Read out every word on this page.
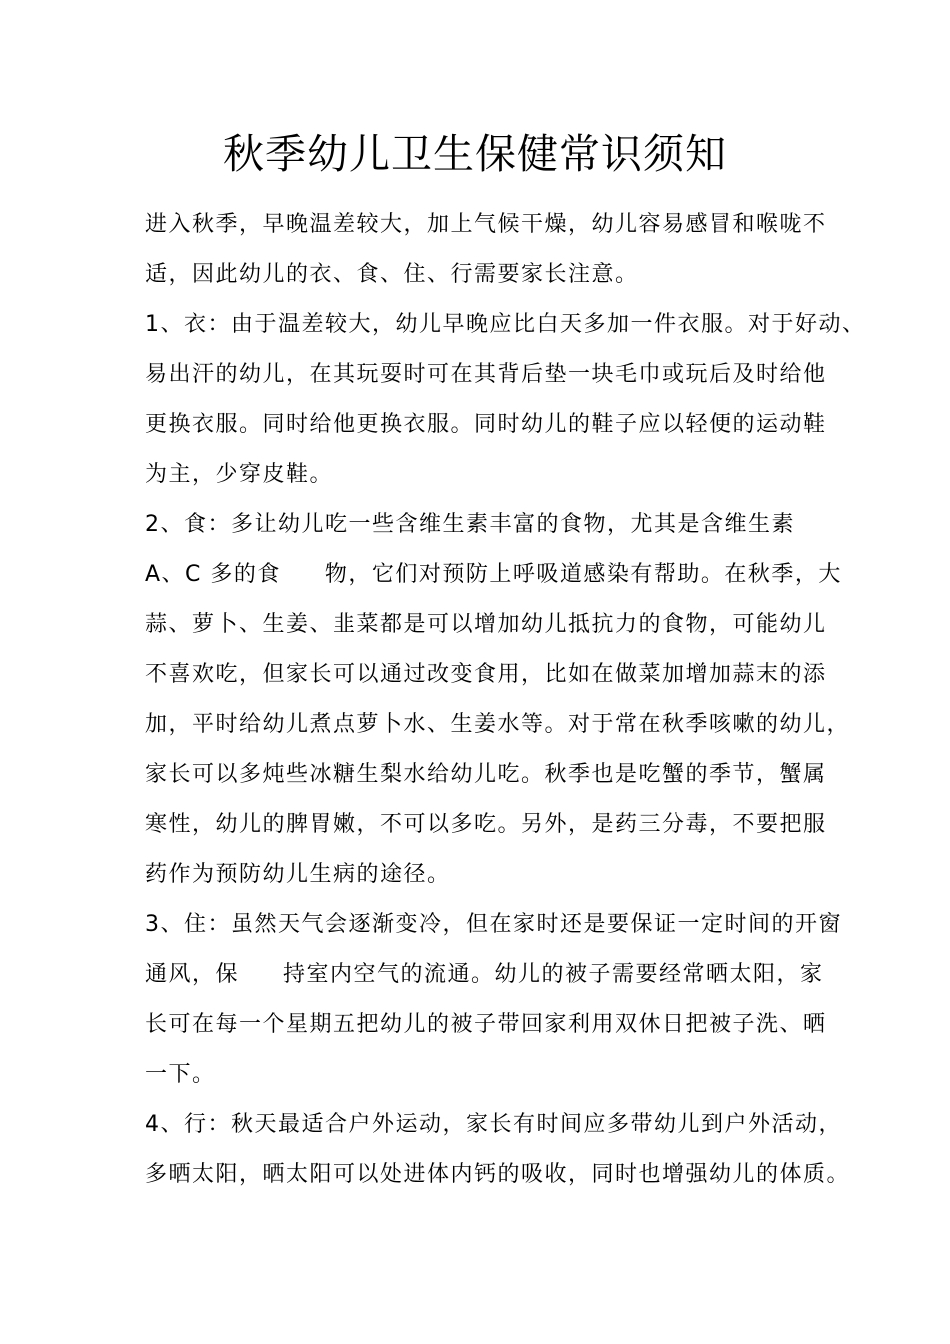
秋季幼儿卫生保健常识须知
进入秋季，早晚温差较大，加上气候干燥，幼儿容易感冒和喉咙不
适，因此幼儿的衣、食、住、行需要家长注意。
1、衣：由于温差较大，幼儿早晚应比白天多加一件衣服。对于好动、
易出汗的幼儿，在其玩耍时可在其背后垫一块毛巾或玩后及时给他
更换衣服。同时给他更换衣服。同时幼儿的鞋子应以轻便的运动鞋
为主，少穿皮鞋。
2、食：多让幼儿吃一些含维生素丰富的食物，尤其是含维生素
A、C 多的食 物，它们对预防上呼吸道感染有帮助。在秋季，大
蒜、萝卜、生姜、韭菜都是可以增加幼儿抵抗力的食物，可能幼儿
不喜欢吃，但家长可以通过改变食用，比如在做菜加增加蒜末的添
加，平时给幼儿煮点萝卜水、生姜水等。对于常在秋季咳嗽的幼儿，
家长可以多炖些冰糖生梨水给幼儿吃。秋季也是吃蟹的季节，蟹属
寒性，幼儿的脾胃嫩，不可以多吃。另外，是药三分毒，不要把服
药作为预防幼儿生病的途径。
3、住：虽然天气会逐渐变冷，但在家时还是要保证一定时间的开窗
通风，保 持室内空气的流通。幼儿的被子需要经常晒太阳，家
长可在每一个星期五把幼儿的被子带回家利用双休日把被子洗、晒
一下。
4、行：秋天最适合户外运动，家长有时间应多带幼儿到户外活动，
多晒太阳，晒太阳可以处进体内钙的吸收，同时也增强幼儿的体质。
